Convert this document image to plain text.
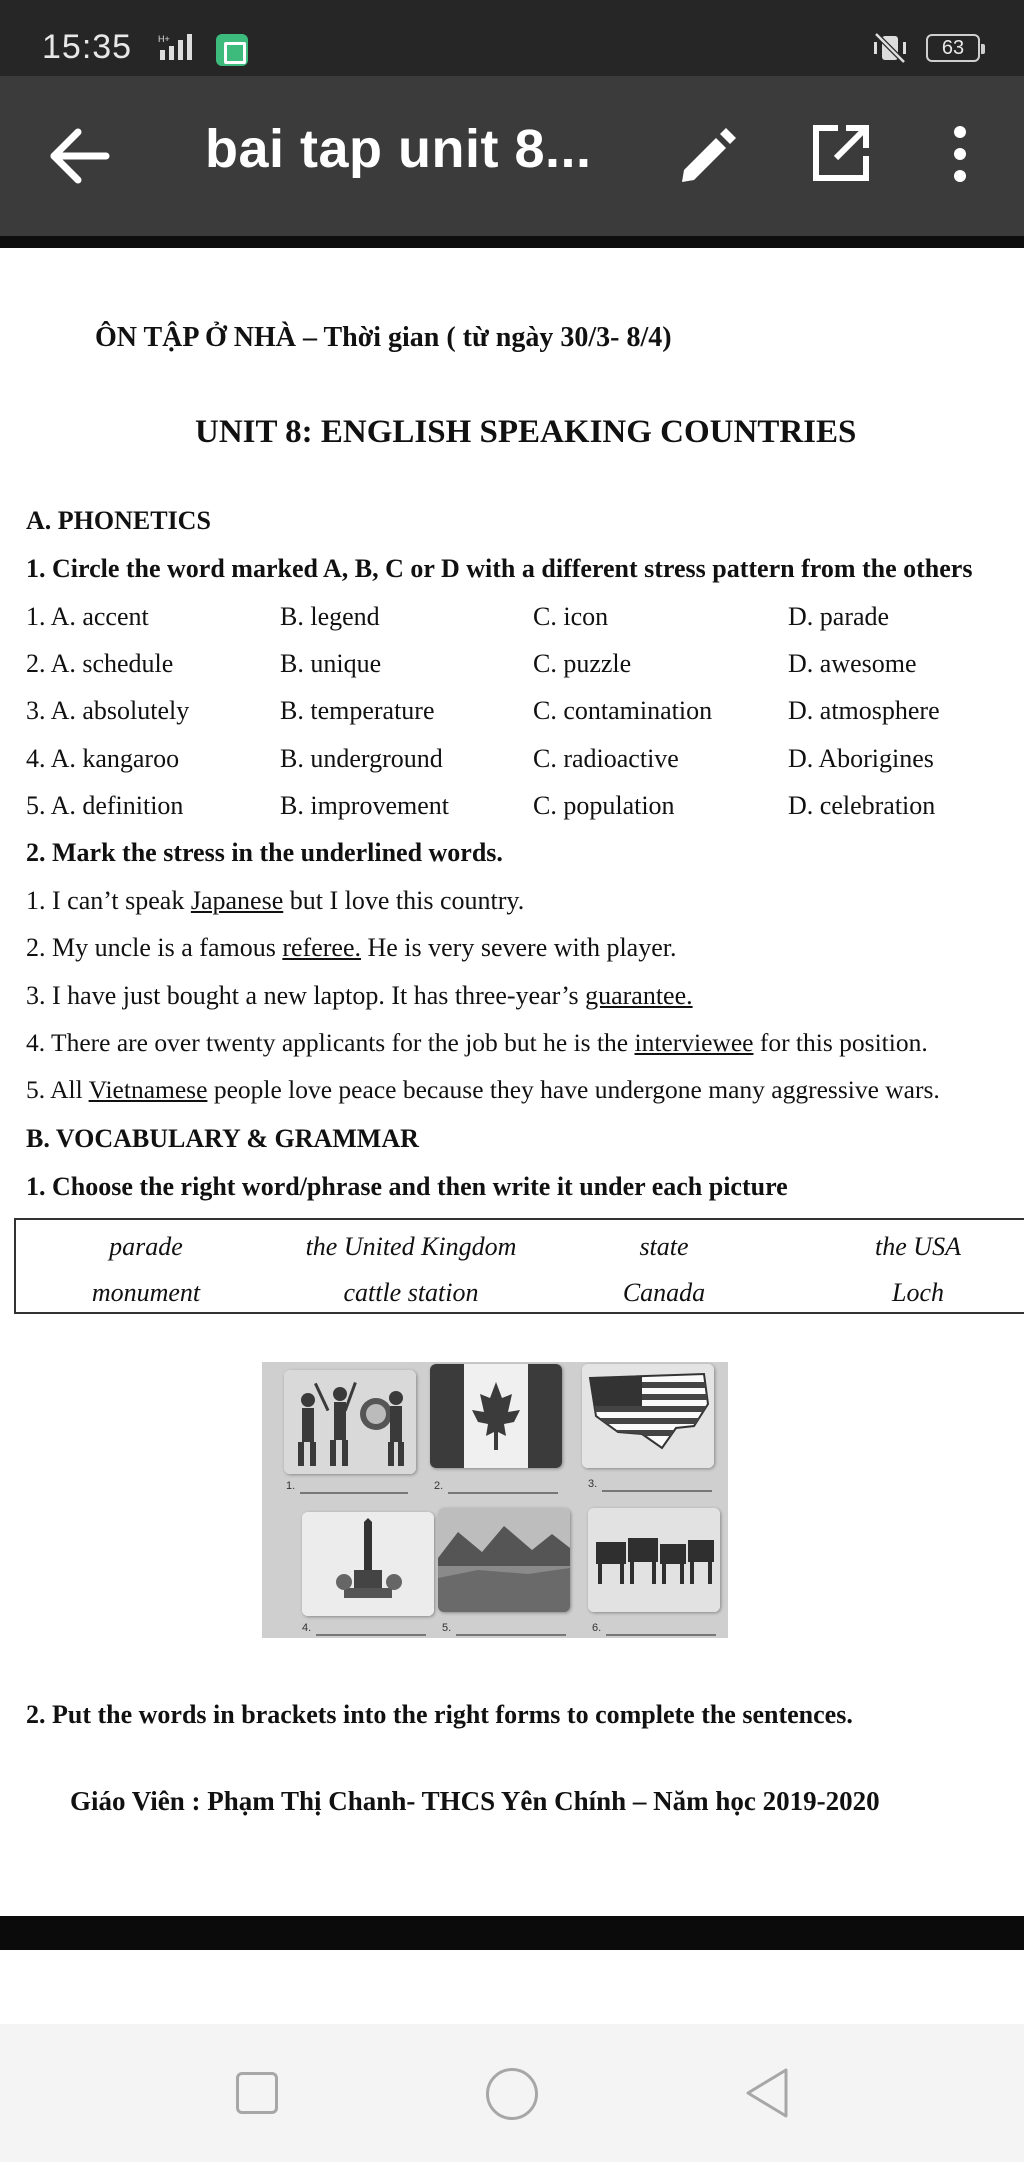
15:35	H+	63
bai tap unit 8...
ÔN TẬP Ở NHÀ – Thời gian ( từ ngày 30/3- 8/4)
UNIT 8: ENGLISH SPEAKING COUNTRIES
A. PHONETICS
1. Circle the word marked A, B, C or D with a different stress pattern from the others
1. A. accent	B. legend	C. icon	D. parade
2. A. schedule	B. unique	C. puzzle	D. awesome
3. A. absolutely	B. temperature	C. contamination	D. atmosphere
4. A. kangaroo	B. underground	C. radioactive	D. Aborigines
5. A. definition	B. improvement	C. population	D. celebration
2. Mark the stress in the underlined words.
1. I can’t speak Japanese but I love this country.
2. My uncle is a famous referee. He is very severe with player.
3. I have just bought a new laptop. It has three-year’s guarantee.
4. There are over twenty applicants for the job but he is the interviewee for this position.
5. All Vietnamese people love peace because they have undergone many aggressive wars.
B. VOCABULARY & GRAMMAR
1. Choose the right word/phrase and then write it under each picture
parade	the United Kingdom	state	the USA
monument	cattle station	Canada	Loch
1.	2.	3.
4.	5.	6.
2. Put the words in brackets into the right forms to complete the sentences.
Giáo Viên : Phạm Thị Chanh- THCS Yên Chính – Năm học 2019-2020
